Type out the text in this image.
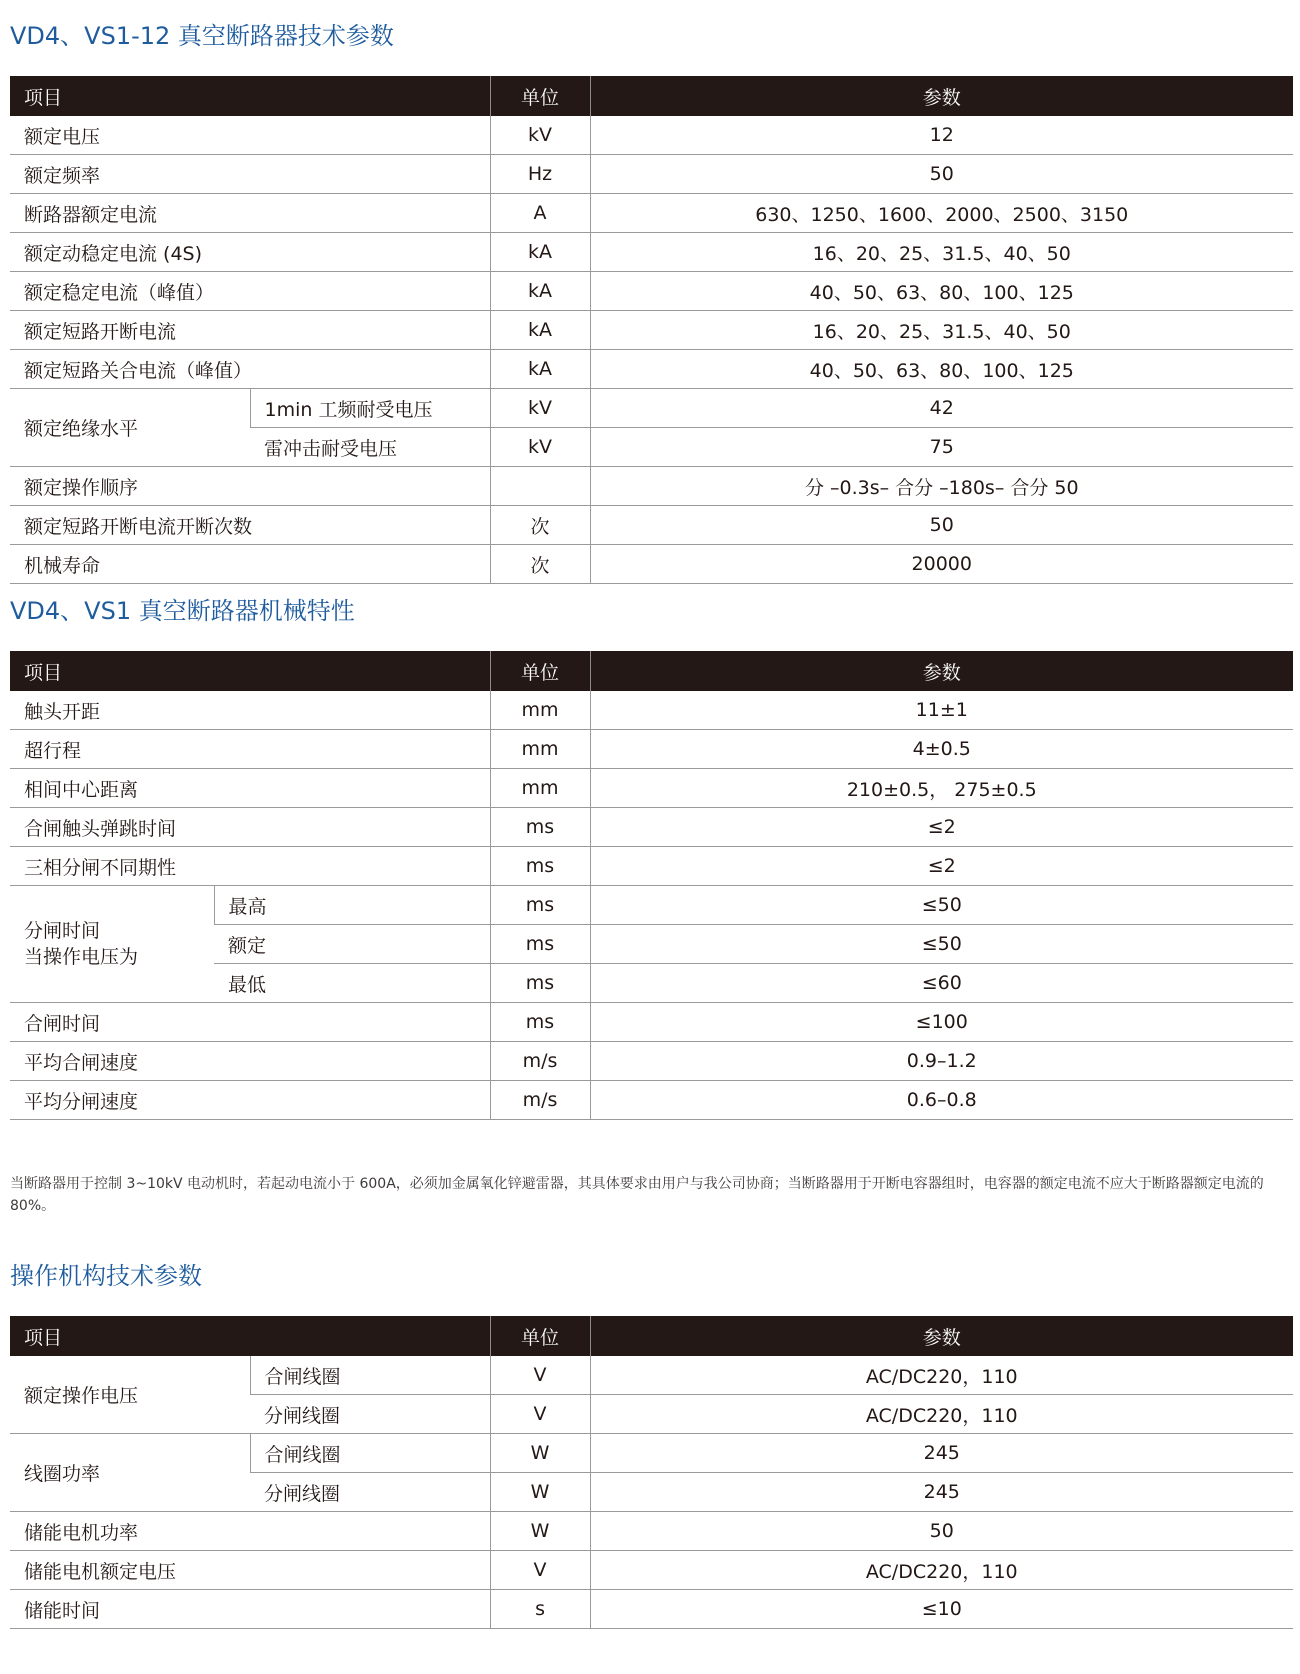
VD4、VS1-12 真空断路器技术参数
项目		单位	参数
额定电压		kV	12
额定频率		Hz	50
断路器额定电流		A	630、1250、1600、2000、2500、3150
额定动稳定电流 (4S)		kA	16、20、25、31.5、40、50
额定稳定电流（峰值）		kA	40、50、63、80、100、125
额定短路开断电流		kA	16、20、25、31.5、40、50
额定短路关合电流（峰值）		kA	40、50、63、80、100、125
额定绝缘水平	1min 工频耐受电压	kV	42
	雷冲击耐受电压	kV	75
额定操作顺序			分 –0.3s– 合分 –180s– 合分 50
额定短路开断电流开断次数		次	50
机械寿命		次	20000
VD4、VS1 真空断路器机械特性
项目		单位	参数
触头开距		mm	11±1
超行程		mm	4±0.5
相间中心距离		mm	210±0.5， 275±0.5
合闸触头弹跳时间		ms	≤2
三相分闸不同期性		ms	≤2
分闸时间
当操作电压为	最高	ms	≤50
	额定	ms	≤50
	最低	ms	≤60
合闸时间		ms	≤100
平均合闸速度		m/s	0.9–1.2
平均分闸速度		m/s	0.6–0.8

当断路器用于控制 3~10kV 电动机时，若起动电流小于 600A，必须加金属氧化锌避雷器，其具体要求由用户与我公司协商；当断路器用于开断电容器组时，电容器的额定电流不应大于断路器额定电流的 80%。

操作机构技术参数
项目		单位	参数
额定操作电压	合闸线圈	V	AC/DC220，110
	分闸线圈	V	AC/DC220，110
线圈功率	合闸线圈	W	245
	分闸线圈	W	245
储能电机功率		W	50
储能电机额定电压		V	AC/DC220，110
储能时间		s	≤10
